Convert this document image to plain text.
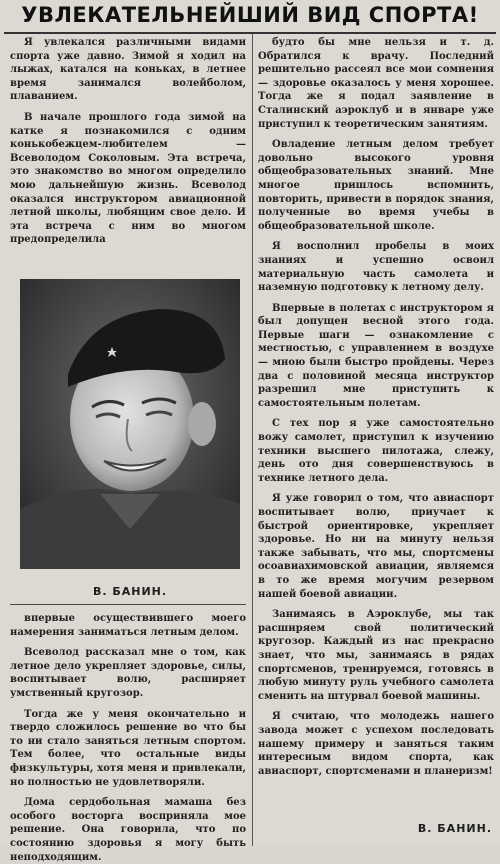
УВЛЕКАТЕЛЬНЕЙШИЙ ВИД СПОРТА!

Я увлекался различными видами спорта уже давно. Зимой я ходил на лыжах, катался на коньках, в летнее время занимался волейболом, плаванием.

В начале прошлого года зимой на катке я познакомился с одним конькобежцем-любителем — Всеволодом Соколовым. Эта встреча, это знакомство во многом определило мою дальнейшую жизнь. Всеволод оказался инструктором авиационной летной школы, любящим свое дело. И эта встреча с ним во многом предопределила

В. БАНИН.

впервые осуществившего моего намерения заниматься летным делом.

Всеволод рассказал мне о том, как летное дело укрепляет здоровье, силы, воспитывает волю, расширяет умственный кругозор.

Тогда же у меня окончательно и твердо сложилось решение во что бы то ни стало заняться летным спортом. Тем более, что остальные виды физкультуры, хотя меня и привлекали, но полностью не удовлетворяли.

Дома сердобольная мамаша без особого восторга восприняла мое решение. Она говорила, что по состоянию здоровья я могу быть неподходящим.

будто бы мне нельзя и т. д. Обратился к врачу. Последний решительно рассеял все мои сомнения — здоровье оказалось у меня хорошее. Тогда же я подал заявление в Сталинский аэроклуб и в январе уже приступил к теоретическим занятиям.

Овладение летным делом требует довольно высокого уровня общеобразовательных знаний. Мне многое пришлось вспомнить, повторить, привести в порядок знания, полученные во время учебы в общеобразовательной школе.

Я восполнил пробелы в моих знаниях и успешно освоил материальную часть самолета и наземную подготовку к летному делу.

Впервые в полетах с инструктором я был допущен весной этого года. Первые шаги — ознакомление с местностью, с управлением в воздухе — мною были быстро пройдены. Через два с половиной месяца инструктор разрешил мне приступить к самостоятельным полетам.

С тех пор я уже самостоятельно вожу самолет, приступил к изучению техники высшего пилотажа, слежу, день ото дня совершенствуюсь в технике летного дела.

Я уже говорил о том, что авиаспорт воспитывает волю, приучает к быстрой ориентировке, укрепляет здоровье. Но ни на минуту нельзя также забывать, что мы, спортсмены осоавиахимовской авиации, являемся в то же время могучим резервом нашей боевой авиации.

Занимаясь в Аэроклубе, мы так расширяем свой политический кругозор. Каждый из нас прекрасно знает, что мы, занимаясь в рядах спортсменов, тренируемся, готовясь в любую минуту руль учебного самолета сменить на штурвал боевой машины.

Я считаю, что молодежь нашего завода может с успехом последовать нашему примеру и заняться таким интересным видом спорта, как авиаспорт, спортсменами и планеризм!

В. БАНИН.
